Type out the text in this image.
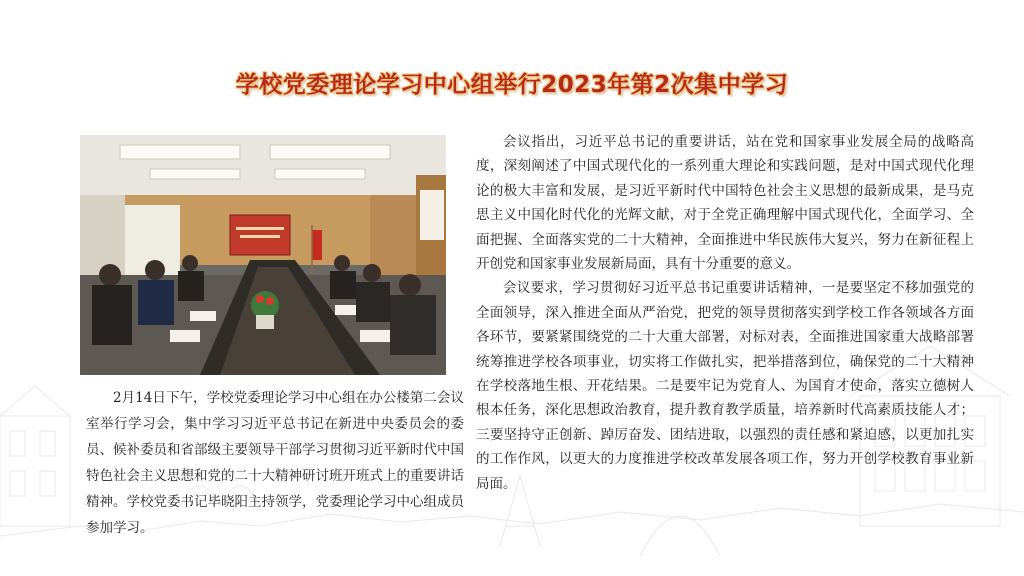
学校党委理论学习中心组举行2023年第2次集中学习

2月14日下午，学校党委理论学习中心组在办公楼第二会议室举行学习会，集中学习习近平总书记在新进中央委员会的委员、候补委员和省部级主要领导干部学习贯彻习近平新时代中国特色社会主义思想和党的二十大精神研讨班开班式上的重要讲话精神。学校党委书记毕晓阳主持领学，党委理论学习中心组成员参加学习。

会议指出，习近平总书记的重要讲话，站在党和国家事业发展全局的战略高度，深刻阐述了中国式现代化的一系列重大理论和实践问题，是对中国式现代化理论的极大丰富和发展，是习近平新时代中国特色社会主义思想的最新成果，是马克思主义中国化时代化的光辉文献，对于全党正确理解中国式现代化，全面学习、全面把握、全面落实党的二十大精神，全面推进中华民族伟大复兴，努力在新征程上开创党和国家事业发展新局面，具有十分重要的意义。

会议要求，学习贯彻好习近平总书记重要讲话精神，一是要坚定不移加强党的全面领导，深入推进全面从严治党，把党的领导贯彻落实到学校工作各领域各方面各环节，要紧紧围绕党的二十大重大部署，对标对表，全面推进国家重大战略部署统筹推进学校各项事业，切实将工作做扎实，把举措落到位，确保党的二十大精神在学校落地生根、开花结果。二是要牢记为党育人、为国育才使命，落实立德树人根本任务，深化思想政治教育，提升教育教学质量，培养新时代高素质技能人才；三要坚持守正创新、踔厉奋发、团结进取，以强烈的责任感和紧迫感，以更加扎实的工作作风，以更大的力度推进学校改革发展各项工作，努力开创学校教育事业新局面。
